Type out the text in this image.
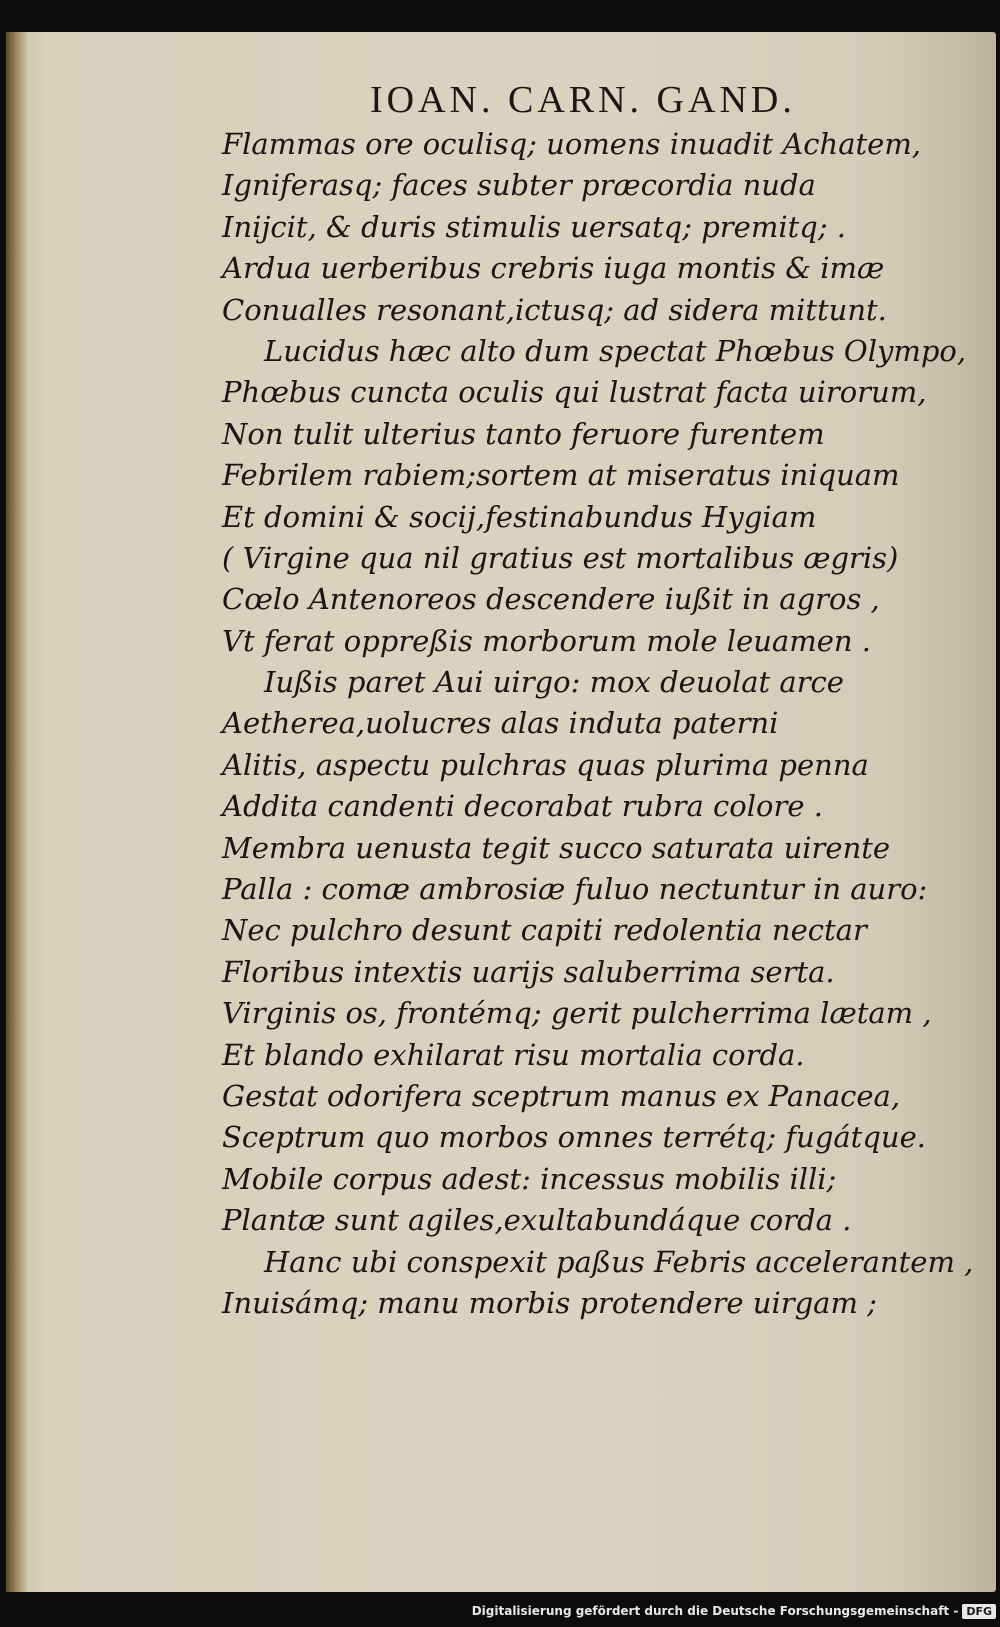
IOAN. CARN. GAND.
Flammas ore oculisq; uomens inuadit Achatem,
Igniferasq; faces subter præcordia nuda
Inijcit, & duris stimulis uersatq; premitq; .
Ardua uerberibus crebris iuga montis & imæ
Conualles resonant,ictusq; ad sidera mittunt.
Lucidus hæc alto dum spectat Phœbus Olympo,
Phœbus cuncta oculis qui lustrat facta uirorum,
Non tulit ulterius tanto feruore furentem
Febrilem rabiem;sortem at miseratus iniquam
Et domini & socij,festinabundus Hygiam
( Virgine qua nil gratius est mortalibus ægris)
Cœlo Antenoreos descendere iußit in agros ,
Vt ferat oppreßis morborum mole leuamen .
Iußis paret Aui uirgo: mox deuolat arce
Aetherea,uolucres alas induta paterni
Alitis, aspectu pulchras quas plurima penna
Addita candenti decorabat rubra colore .
Membra uenusta tegit succo saturata uirente
Palla : comæ ambrosiæ fuluo nectuntur in auro:
Nec pulchro desunt capiti redolentia nectar
Floribus intextis uarijs saluberrima serta.
Virginis os, frontémq; gerit pulcherrima lætam ,
Et blando exhilarat risu mortalia corda.
Gestat odorifera sceptrum manus ex Panacea,
Sceptrum quo morbos omnes terrétq; fugátque.
Mobile corpus adest: incessus mobilis illi;
Plantæ sunt agiles,exultabundáque corda .
Hanc ubi conspexit paßus Febris accelerantem ,
Inuisámq; manu morbis protendere uirgam ;
Digitalisierung gefördert durch die Deutsche Forschungsgemeinschaft - DFG
